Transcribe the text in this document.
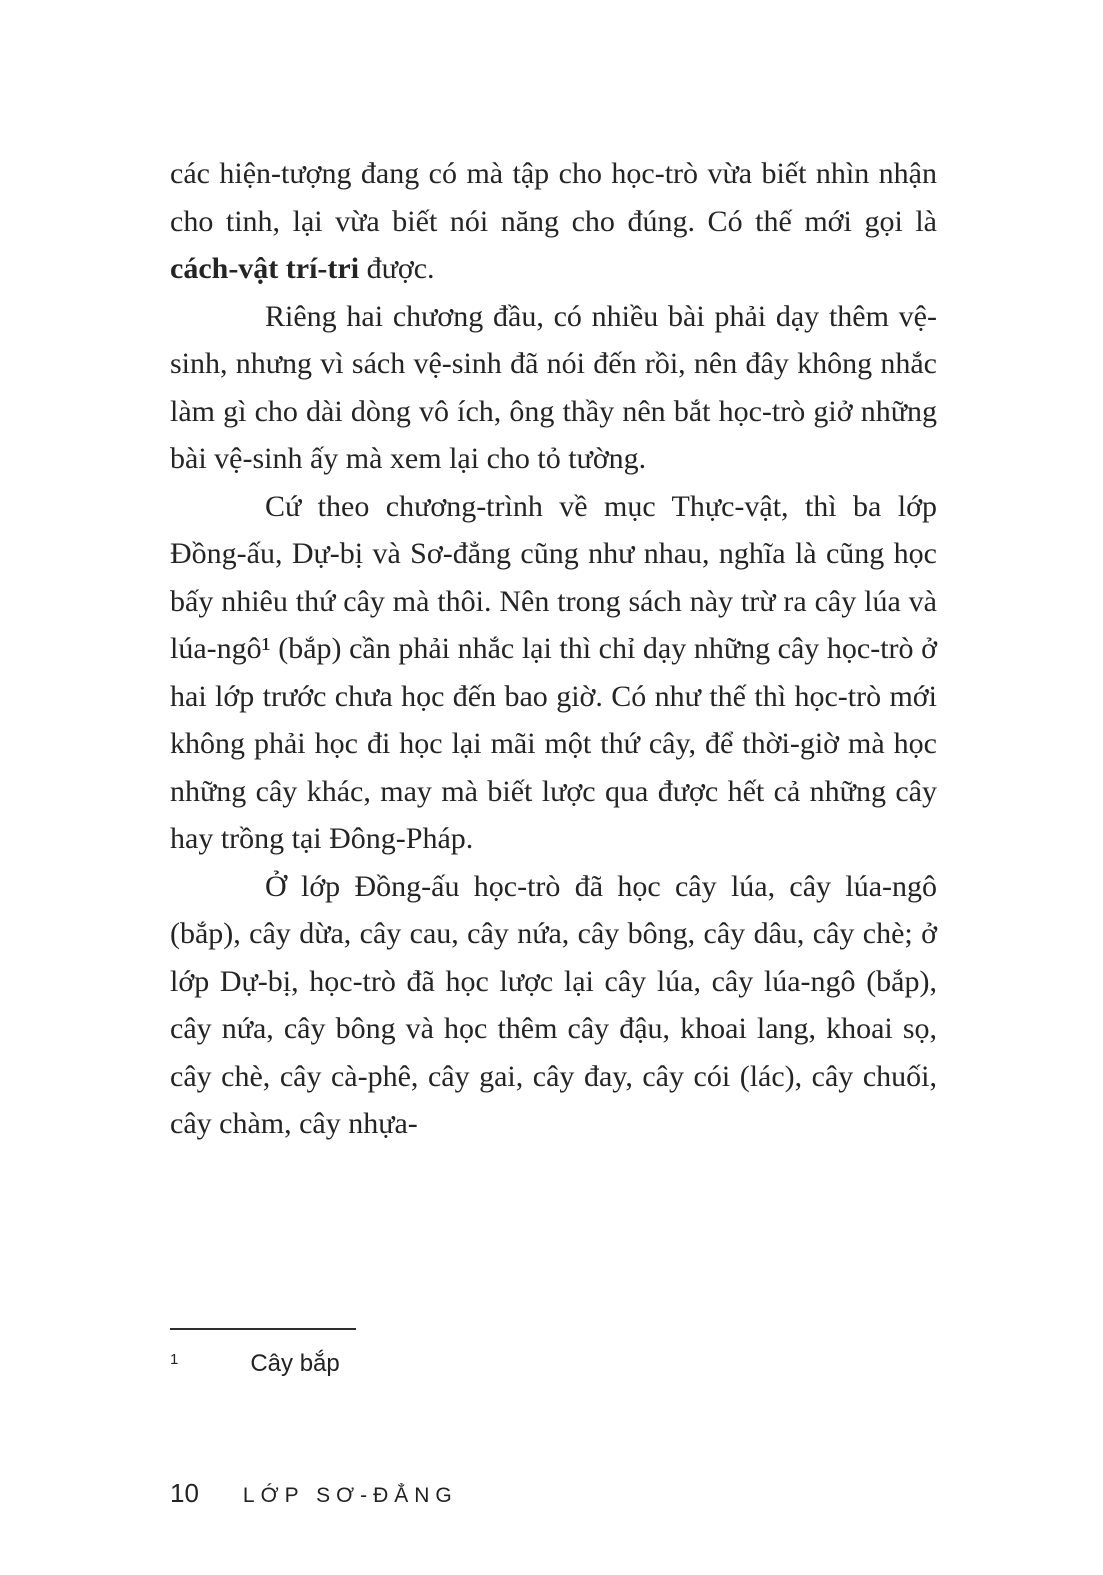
các hiện-tượng đang có mà tập cho học-trò vừa biết nhìn nhận cho tinh, lại vừa biết nói năng cho đúng. Có thế mới gọi là cách-vật trí-tri được.

Riêng hai chương đầu, có nhiều bài phải dạy thêm vệ-sinh, nhưng vì sách vệ-sinh đã nói đến rồi, nên đây không nhắc làm gì cho dài dòng vô ích, ông thầy nên bắt học-trò giở những bài vệ-sinh ấy mà xem lại cho tỏ tường.

Cứ theo chương-trình về mục Thực-vật, thì ba lớp Đồng-ấu, Dự-bị và Sơ-đẳng cũng như nhau, nghĩa là cũng học bấy nhiêu thứ cây mà thôi. Nên trong sách này trừ ra cây lúa và lúa-ngô¹ (bắp) cần phải nhắc lại thì chỉ dạy những cây học-trò ở hai lớp trước chưa học đến bao giờ. Có như thế thì học-trò mới không phải học đi học lại mãi một thứ cây, để thời-giờ mà học những cây khác, may mà biết lược qua được hết cả những cây hay trồng tại Đông-Pháp.

Ở lớp Đồng-ấu học-trò đã học cây lúa, cây lúa-ngô (bắp), cây dừa, cây cau, cây nứa, cây bông, cây dâu, cây chè; ở lớp Dự-bị, học-trò đã học lược lại cây lúa, cây lúa-ngô (bắp), cây nứa, cây bông và học thêm cây đậu, khoai lang, khoai sọ, cây chè, cây cà-phê, cây gai, cây đay, cây cói (lác), cây chuối, cây chàm, cây nhựa-

1	Cây bắp
10 LỚP SƠ-ĐẲNG
